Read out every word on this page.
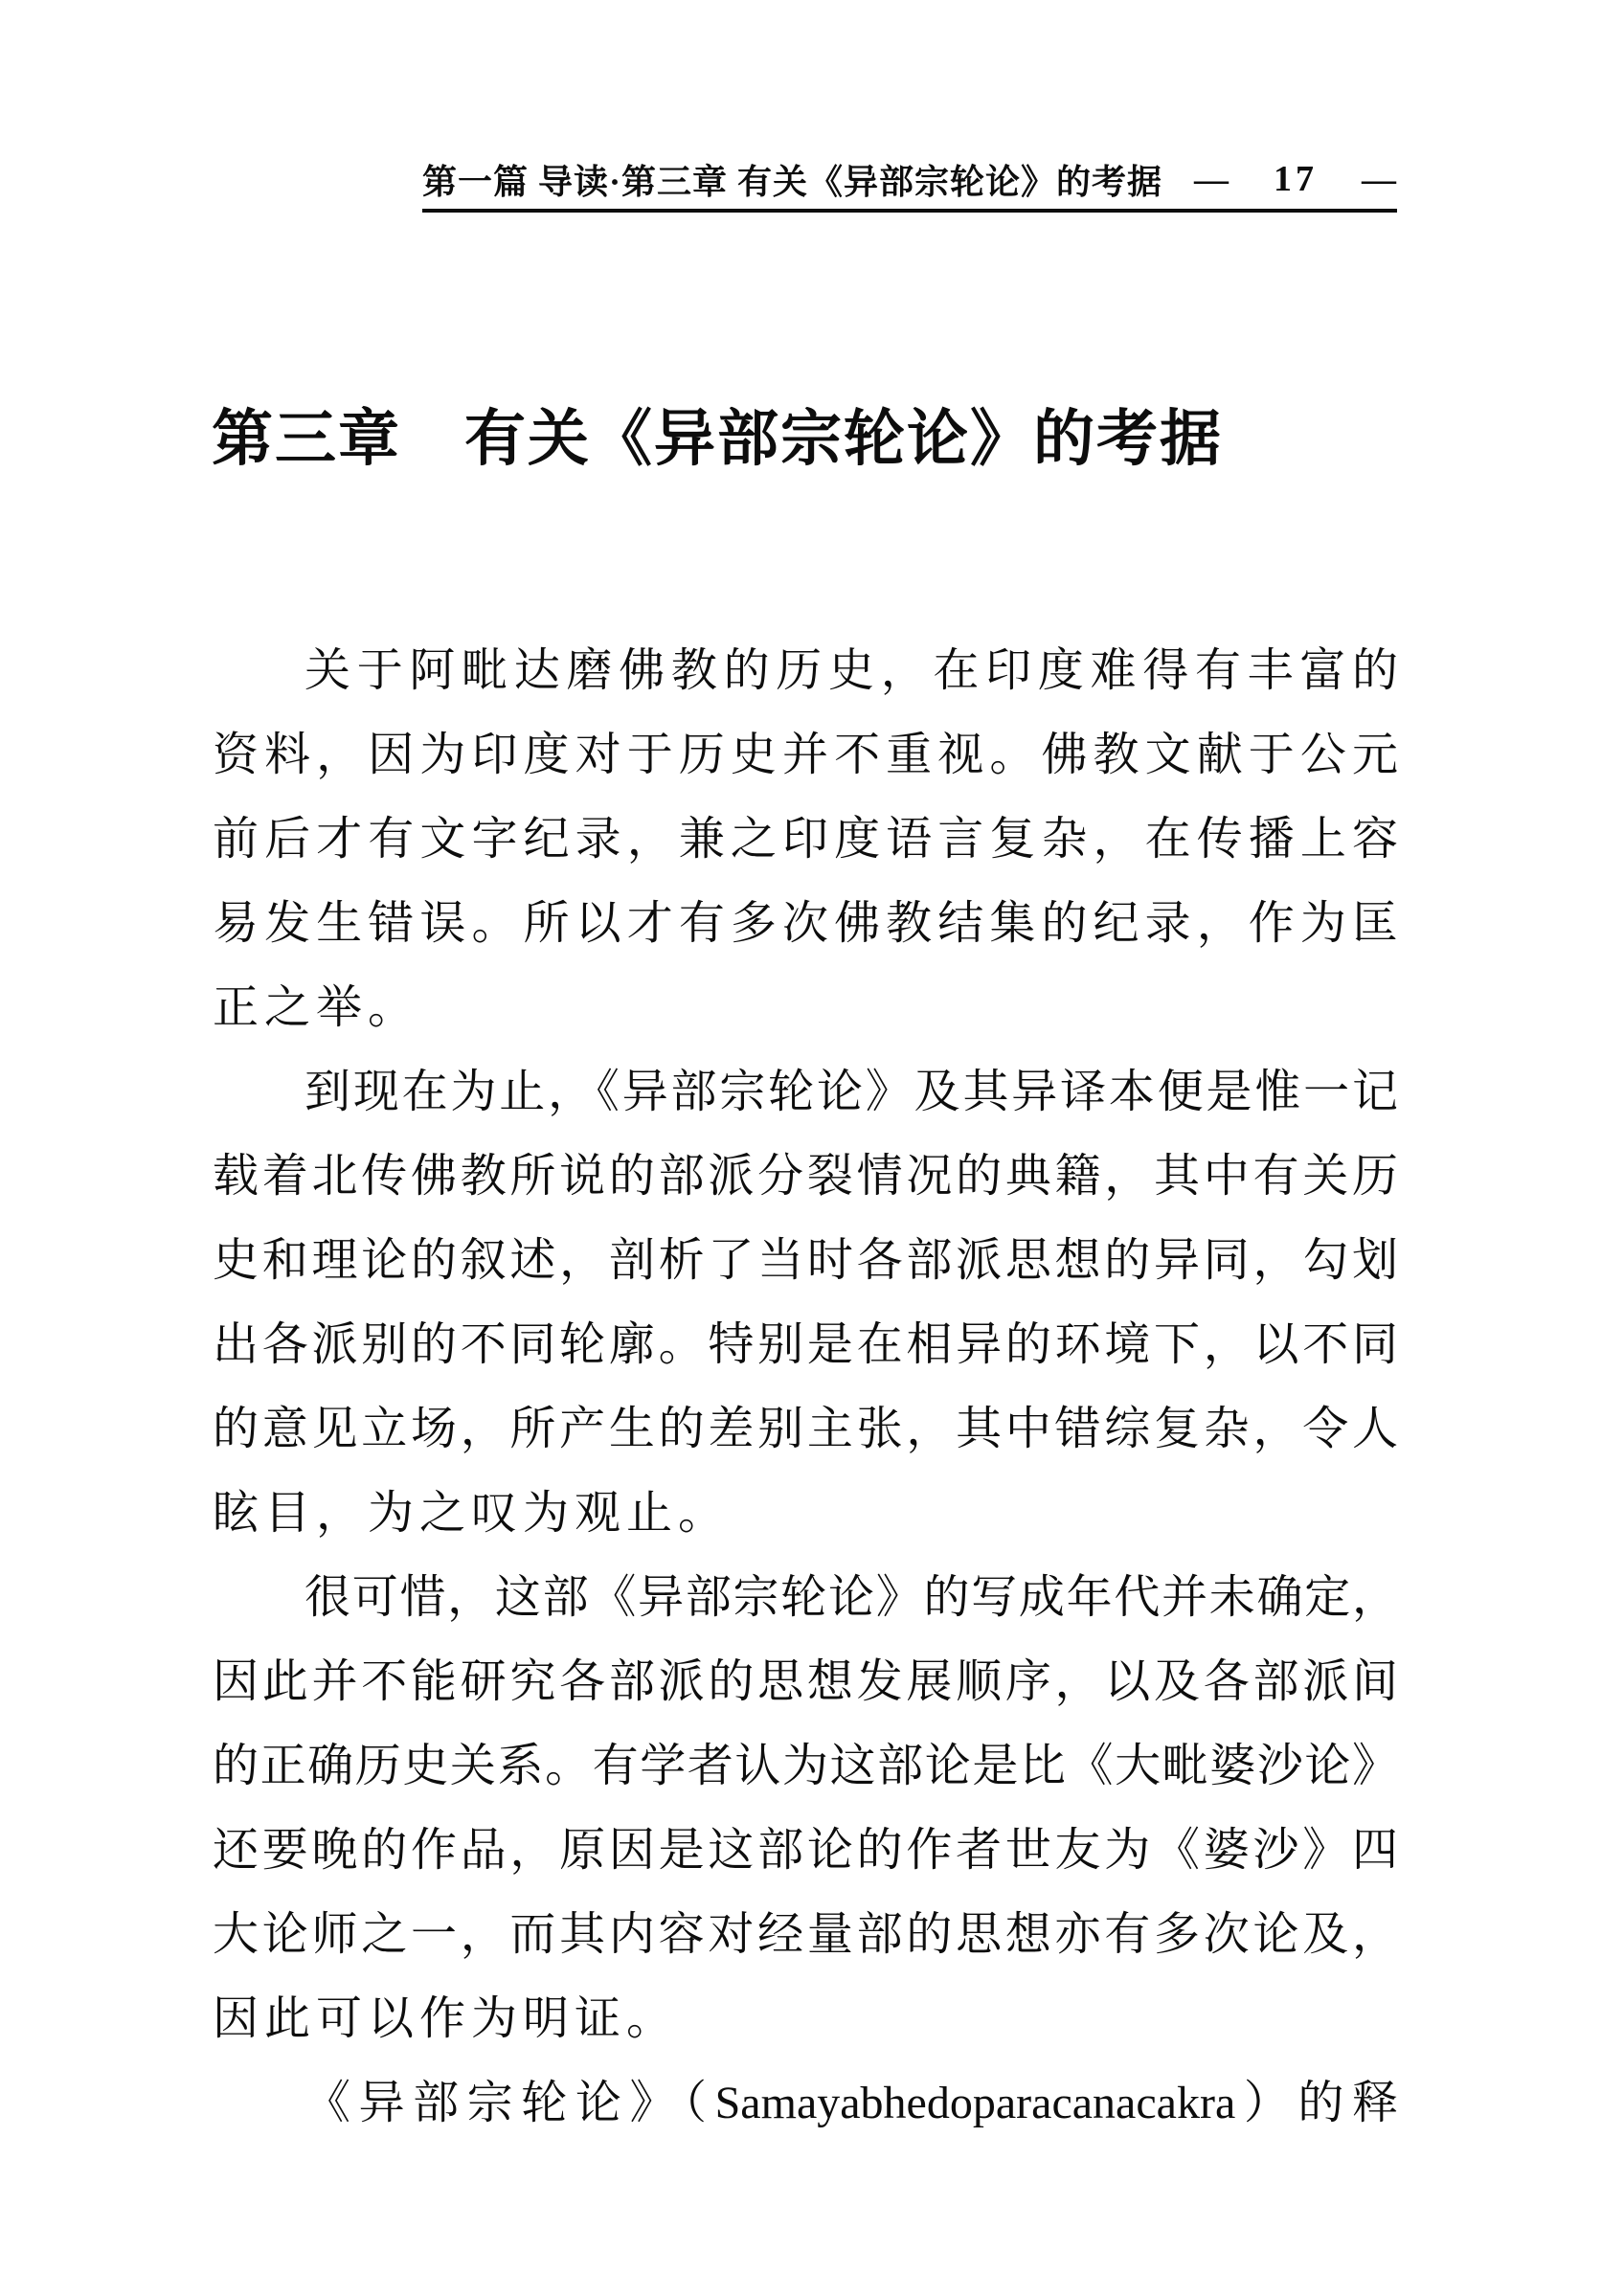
第一篇 导读·第三章 有关《异部宗轮论》的考据 — 17 —
第三章　有关《异部宗轮论》的考据
关于阿毗达磨佛教的历史，在印度难得有丰富的
资料，因为印度对于历史并不重视。佛教文献于公元
前后才有文字纪录，兼之印度语言复杂，在传播上容
易发生错误。所以才有多次佛教结集的纪录，作为匡
正之举。
到现在为止，《异部宗轮论》及其异译本便是惟一记
载着北传佛教所说的部派分裂情况的典籍，其中有关历
史和理论的叙述，剖析了当时各部派思想的异同，勾划
出各派别的不同轮廓。特别是在相异的环境下，以不同
的意见立场，所产生的差别主张，其中错综复杂，令人
眩目，为之叹为观止。
很可惜，这部《异部宗轮论》的写成年代并未确定，
因此并不能研究各部派的思想发展顺序，以及各部派间
的正确历史关系。有学者认为这部论是比《大毗婆沙论》
还要晚的作品，原因是这部论的作者世友为《婆沙》四
大论师之一，而其内容对经量部的思想亦有多次论及，
因此可以作为明证。
《异部宗轮论》（Samayabhedoparacanacakra）的释
